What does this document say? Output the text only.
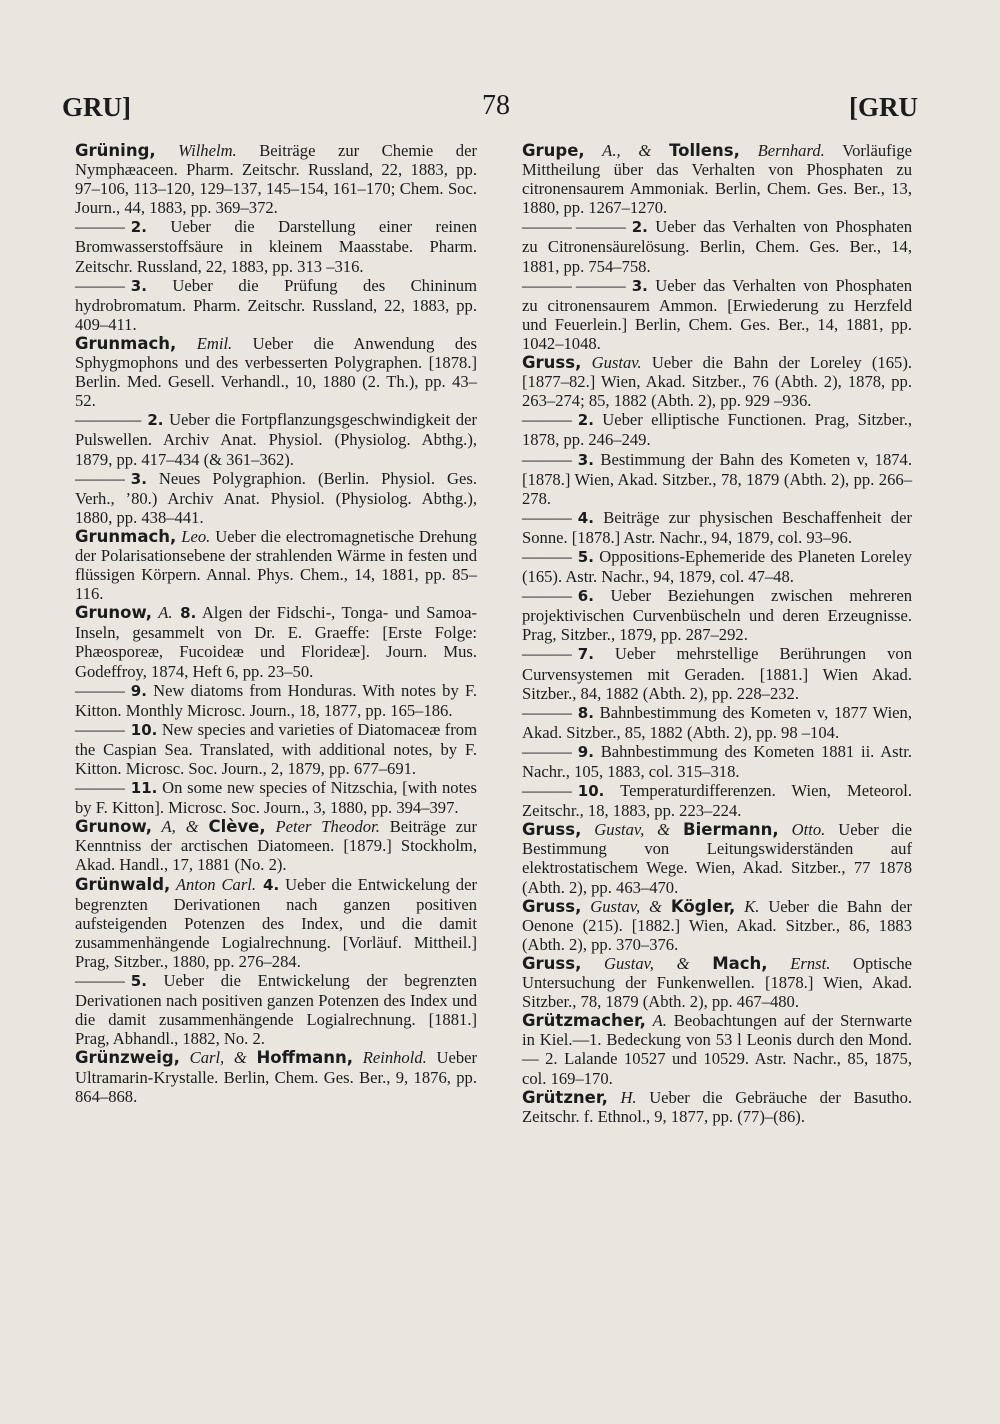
GRU]	78	[GRU

Grüning, Wilhelm. Beiträge zur Chemie der Nymphæaceen. Pharm. Zeitschr. Russland, 22, 1883, pp. 97–106, 113–120, 129–137, 145–154, 161–170; Chem. Soc. Journ., 44, 1883, pp. 369–372.

——— 2. Ueber die Darstellung einer reinen Bromwasserstoffsäure in kleinem Maasstabe. Pharm. Zeitschr. Russland, 22, 1883, pp. 313 –316.

——— 3. Ueber die Prüfung des Chininum hydrobromatum. Pharm. Zeitschr. Russland, 22, 1883, pp. 409–411.

Grunmach, Emil. Ueber die Anwendung des Sphygmophons und des verbesserten Polygraphen. [1878.] Berlin. Med. Gesell. Verhandl., 10, 1880 (2. Th.), pp. 43–52.

———— 2. Ueber die Fortpflanzungsgeschwindigkeit der Pulswellen. Archiv Anat. Physiol. (Physiolog. Abthg.), 1879, pp. 417–434 (& 361–362).

——— 3. Neues Polygraphion. (Berlin. Physiol. Ges. Verh., ’80.) Archiv Anat. Physiol. (Physiolog. Abthg.), 1880, pp. 438–441.

Grunmach, Leo. Ueber die electromagnetische Drehung der Polarisationsebene der strahlenden Wärme in festen und flüssigen Körpern. Annal. Phys. Chem., 14, 1881, pp. 85–116.

Grunow, A. 8. Algen der Fidschi-, Tonga- und Samoa-Inseln, gesammelt von Dr. E. Graeffe: [Erste Folge: Phæosporeæ, Fucoideæ und Florideæ]. Journ. Mus. Godeffroy, 1874, Heft 6, pp. 23–50.

——— 9. New diatoms from Honduras. With notes by F. Kitton. Monthly Microsc. Journ., 18, 1877, pp. 165–186.

——— 10. New species and varieties of Diatomaceæ from the Caspian Sea. Translated, with additional notes, by F. Kitton. Microsc. Soc. Journ., 2, 1879, pp. 677–691.

——— 11. On some new species of Nitzschia, [with notes by F. Kitton]. Microsc. Soc. Journ., 3, 1880, pp. 394–397.

Grunow, A, & Clève, Peter Theodor. Beiträge zur Kenntniss der arctischen Diatomeen. [1879.] Stockholm, Akad. Handl., 17, 1881 (No. 2).

Grünwald, Anton Carl. 4. Ueber die Entwickelung der begrenzten Derivationen nach ganzen positiven aufsteigenden Potenzen des Index, und die damit zusammenhängende Logialrechnung. [Vorläuf. Mittheil.] Prag, Sitzber., 1880, pp. 276–284.

——— 5. Ueber die Entwickelung der begrenzten Derivationen nach positiven ganzen Potenzen des Index und die damit zusammenhängende Logialrechnung. [1881.] Prag, Abhandl., 1882, No. 2.

Grünzweig, Carl, & Hoffmann, Reinhold. Ueber Ultramarin-Krystalle. Berlin, Chem. Ges. Ber., 9, 1876, pp. 864–868.

Grupe, A., & Tollens, Bernhard. Vorläufige Mittheilung über das Verhalten von Phosphaten zu citronensaurem Ammoniak. Berlin, Chem. Ges. Ber., 13, 1880, pp. 1267–1270.

——— ——— 2. Ueber das Verhalten von Phosphaten zu Citronensäurelösung. Berlin, Chem. Ges. Ber., 14, 1881, pp. 754–758.

——— ——— 3. Ueber das Verhalten von Phosphaten zu citronensaurem Ammon. [Erwiederung zu Herzfeld und Feuerlein.] Berlin, Chem. Ges. Ber., 14, 1881, pp. 1042–1048.

Gruss, Gustav. Ueber die Bahn der Loreley (165). [1877–82.] Wien, Akad. Sitzber., 76 (Abth. 2), 1878, pp. 263–274; 85, 1882 (Abth. 2), pp. 929 –936.

——— 2. Ueber elliptische Functionen. Prag, Sitzber., 1878, pp. 246–249.

——— 3. Bestimmung der Bahn des Kometen v, 1874. [1878.] Wien, Akad. Sitzber., 78, 1879 (Abth. 2), pp. 266–278.

——— 4. Beiträge zur physischen Beschaffenheit der Sonne. [1878.] Astr. Nachr., 94, 1879, col. 93–96.

——— 5. Oppositions-Ephemeride des Planeten Loreley (165). Astr. Nachr., 94, 1879, col. 47–48.

——— 6. Ueber Beziehungen zwischen mehreren projektivischen Curvenbüscheln und deren Erzeugnisse. Prag, Sitzber., 1879, pp. 287–292.

——— 7. Ueber mehrstellige Berührungen von Curvensystemen mit Geraden. [1881.] Wien Akad. Sitzber., 84, 1882 (Abth. 2), pp. 228–232.

——— 8. Bahnbestimmung des Kometen v, 1877 Wien, Akad. Sitzber., 85, 1882 (Abth. 2), pp. 98 –104.

——— 9. Bahnbestimmung des Kometen 1881 ii. Astr. Nachr., 105, 1883, col. 315–318.

——— 10. Temperaturdifferenzen. Wien, Meteorol. Zeitschr., 18, 1883, pp. 223–224.

Gruss, Gustav, & Biermann, Otto. Ueber die Bestimmung von Leitungswiderständen auf elektrostatischem Wege. Wien, Akad. Sitzber., 77 1878 (Abth. 2), pp. 463–470.

Gruss, Gustav, & Kögler, K. Ueber die Bahn der Oenone (215). [1882.] Wien, Akad. Sitzber., 86, 1883 (Abth. 2), pp. 370–376.

Gruss, Gustav, & Mach, Ernst. Optische Untersuchung der Funkenwellen. [1878.] Wien, Akad. Sitzber., 78, 1879 (Abth. 2), pp. 467–480.

Grützmacher, A. Beobachtungen auf der Sternwarte in Kiel.—1. Bedeckung von 53 l Leonis durch den Mond. — 2. Lalande 10527 und 10529. Astr. Nachr., 85, 1875, col. 169–170.

Grützner, H. Ueber die Gebräuche der Basutho. Zeitschr. f. Ethnol., 9, 1877, pp. (77)–(86).
